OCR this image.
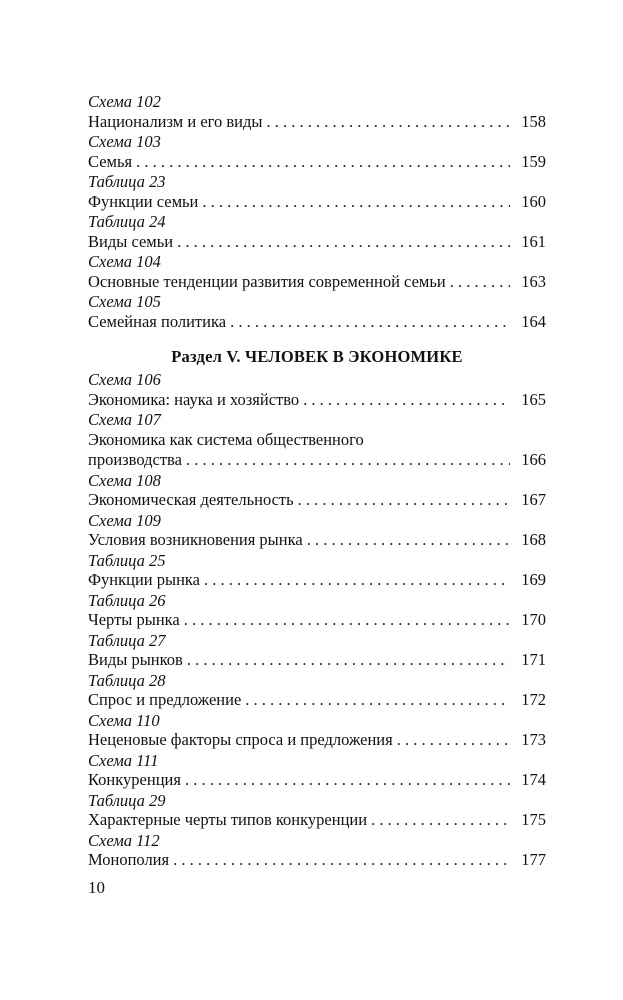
Схема 102
Национализм и его виды . . .	158
Схема 103
Семья . . .	159
Таблица 23
Функции семьи . . .	160
Таблица 24
Виды семьи . . .	161
Схема 104
Основные тенденции развития современной семьи . . .	163
Схема 105
Семейная политика . . .	164
Раздел V. ЧЕЛОВЕК В ЭКОНОМИКЕ
Схема 106
Экономика: наука и хозяйство . . .	165
Схема 107
Экономика как система общественного
производства . . .	166
Схема 108
Экономическая деятельность . . .	167
Схема 109
Условия возникновения рынка . . .	168
Таблица 25
Функции рынка . . .	169
Таблица 26
Черты рынка . . .	170
Таблица 27
Виды рынков . . .	171
Таблица 28
Спрос и предложение . . .	172
Схема 110
Неценовые факторы спроса и предложения . . .	173
Схема 111
Конкуренция . . .	174
Таблица 29
Характерные черты типов конкуренции . . .	175
Схема 112
Монополия . . .	177
10
